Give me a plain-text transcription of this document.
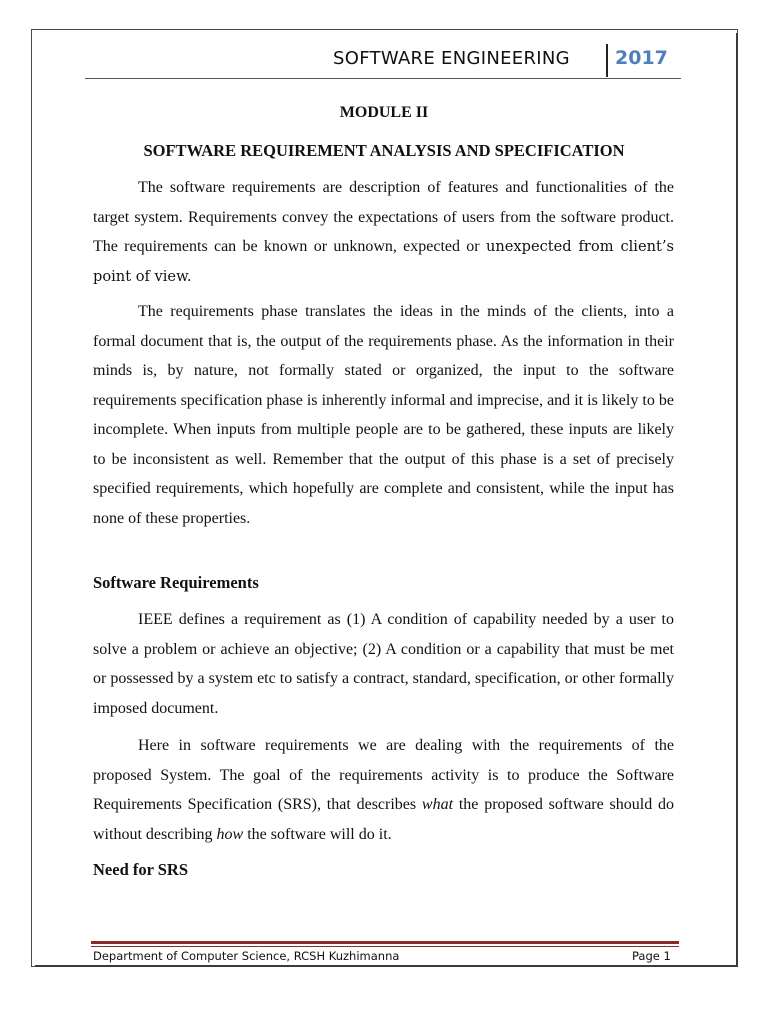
SOFTWARE ENGINEERING 2017
MODULE II
SOFTWARE REQUIREMENT ANALYSIS AND SPECIFICATION

The software requirements are description of features and functionalities of the target system. Requirements convey the expectations of users from the software product. The requirements can be known or unknown, expected or unexpected from client’s point of view.

The requirements phase translates the ideas in the minds of the clients, into a formal document that is, the output of the requirements phase. As the information in their minds is, by nature, not formally stated or organized, the input to the software requirements specification phase is inherently informal and imprecise, and it is likely to be incomplete. When inputs from multiple people are to be gathered, these inputs are likely to be inconsistent as well. Remember that the output of this phase is a set of precisely specified requirements, which hopefully are complete and consistent, while the input has none of these properties.

Software Requirements

IEEE defines a requirement as (1) A condition of capability needed by a user to solve a problem or achieve an objective; (2) A condition or a capability that must be met or possessed by a system etc to satisfy a contract, standard, specification, or other formally imposed document.

Here in software requirements we are dealing with the requirements of the proposed System. The goal of the requirements activity is to produce the Software Requirements Specification (SRS), that describes what the proposed software should do without describing how the software will do it.

Need for SRS
Department of Computer Science, RCSH Kuzhimanna	Page 1
